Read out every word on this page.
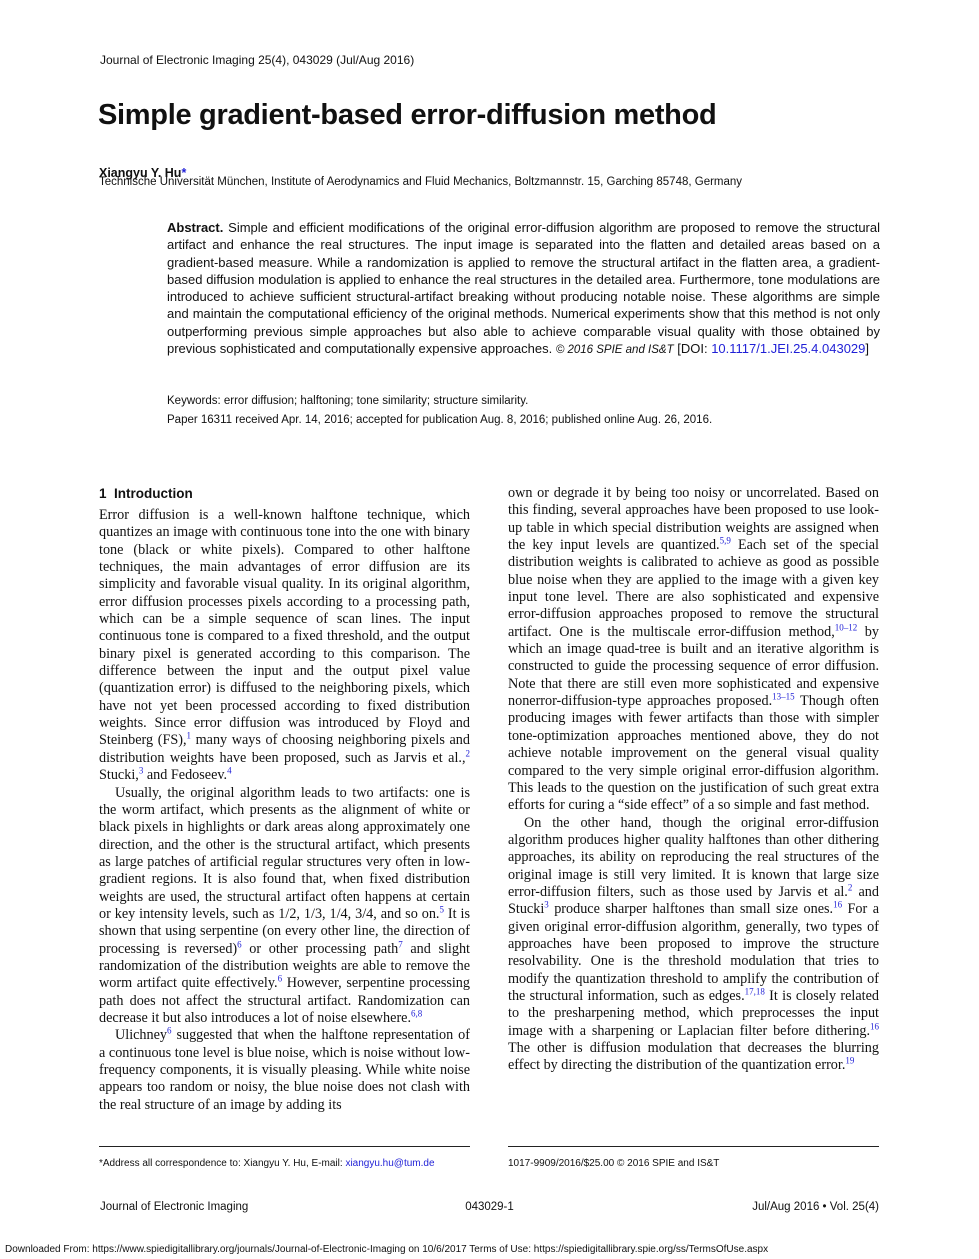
Journal of Electronic Imaging 25(4), 043029 (Jul/Aug 2016)
Simple gradient-based error-diffusion method
Xiangyu Y. Hu*
Technische Universität München, Institute of Aerodynamics and Fluid Mechanics, Boltzmannstr. 15, Garching 85748, Germany
Abstract. Simple and efficient modifications of the original error-diffusion algorithm are proposed to remove the structural artifact and enhance the real structures. The input image is separated into the flatten and detailed areas based on a gradient-based measure. While a randomization is applied to remove the structural artifact in the flatten area, a gradient-based diffusion modulation is applied to enhance the real structures in the detailed area. Furthermore, tone modulations are introduced to achieve sufficient structural-artifact breaking without producing notable noise. These algorithms are simple and maintain the computational efficiency of the original methods. Numerical experiments show that this method is not only outperforming previous simple approaches but also able to achieve comparable visual quality with those obtained by previous sophisticated and computationally expensive approaches. © 2016 SPIE and IS&T [DOI: 10.1117/1.JEI.25.4.043029]
Keywords: error diffusion; halftoning; tone similarity; structure similarity.
Paper 16311 received Apr. 14, 2016; accepted for publication Aug. 8, 2016; published online Aug. 26, 2016.
1 Introduction

Error diffusion is a well-known halftone technique, which quantizes an image with continuous tone into the one with binary tone (black or white pixels). Compared to other halftone techniques, the main advantages of error diffusion are its simplicity and favorable visual quality. In its original algorithm, error diffusion processes pixels according to a processing path, which can be a simple sequence of scan lines. The input continuous tone is compared to a fixed threshold, and the output binary pixel is generated according to this comparison. The difference between the input and the output pixel value (quantization error) is diffused to the neighboring pixels, which have not yet been processed according to fixed distribution weights. Since error diffusion was introduced by Floyd and Steinberg (FS),$^1$ many ways of choosing neighboring pixels and distribution weights have been proposed, such as Jarvis et al.,$^2$ Stucki,$^3$ and Fedoseev.$^4$

Usually, the original algorithm leads to two artifacts: one is the worm artifact, which presents as the alignment of white or black pixels in highlights or dark areas along approximately one direction, and the other is the structural artifact, which presents as large patches of artificial regular structures very often in low-gradient regions. It is also found that, when fixed distribution weights are used, the structural artifact often happens at certain or key intensity levels, such as 1/2, 1/3, 1/4, 3/4, and so on.$^5$ It is shown that using serpentine (on every other line, the direction of processing is reversed)$^6$ or other processing path$^7$ and slight randomization of the distribution weights are able to remove the worm artifact quite effectively.$^6$ However, serpentine processing path does not affect the structural artifact. Randomization can decrease it but also introduces a lot of noise elsewhere.$^{6,8}$

Ulichney$^6$ suggested that when the halftone representation of a continuous tone level is blue noise, which is noise without low-frequency components, it is visually pleasing. While white noise appears too random or noisy, the blue noise does not clash with the real structure of an image by adding its

own or degrade it by being too noisy or uncorrelated. Based on this finding, several approaches have been proposed to use look-up table in which special distribution weights are assigned when the key input levels are quantized.$^{5,9}$ Each set of the special distribution weights is calibrated to achieve as good as possible blue noise when they are applied to the image with a given key input tone level. There are also sophisticated and expensive error-diffusion approaches proposed to remove the structural artifact. One is the multiscale error-diffusion method,$^{10-12}$ by which an image quad-tree is built and an iterative algorithm is constructed to guide the processing sequence of error diffusion. Note that there are still even more sophisticated and expensive nonerror-diffusion-type approaches proposed.$^{13-15}$ Though often producing images with fewer artifacts than those with simpler tone-optimization approaches mentioned above, they do not achieve notable improvement on the general visual quality compared to the very simple original error-diffusion algorithm. This leads to the question on the justification of such great extra efforts for curing a “side effect” of a so simple and fast method.

On the other hand, though the original error-diffusion algorithm produces higher quality halftones than other dithering approaches, its ability on reproducing the real structures of the original image is still very limited. It is known that large size error-diffusion filters, such as those used by Jarvis et al.$^2$ and Stucki$^3$ produce sharper halftones than small size ones.$^{16}$ For a given original error-diffusion algorithm, generally, two types of approaches have been proposed to improve the structure resolvability. One is the threshold modulation that tries to modify the quantization threshold to amplify the contribution of the structural information, such as edges.$^{17,18}$ It is closely related to the presharpening method, which preprocesses the input image with a sharpening or Laplacian filter before dithering.$^{16}$ The other is diffusion modulation that decreases the blurring effect by directing the distribution of the quantization error.$^{19}$

*Address all correspondence to: Xiangyu Y. Hu, E-mail: xiangyu.hu@tum.de	1017-9909/2016/$25.00 © 2016 SPIE and IS&T
043029-1
Journal of Electronic Imaging	Jul/Aug 2016 • Vol. 25(4)
Downloaded From: https://www.spiedigitallibrary.org/journals/Journal-of-Electronic-Imaging on 10/6/2017 Terms of Use: https://spiedigitallibrary.spie.org/ss/TermsOfUse.aspx
